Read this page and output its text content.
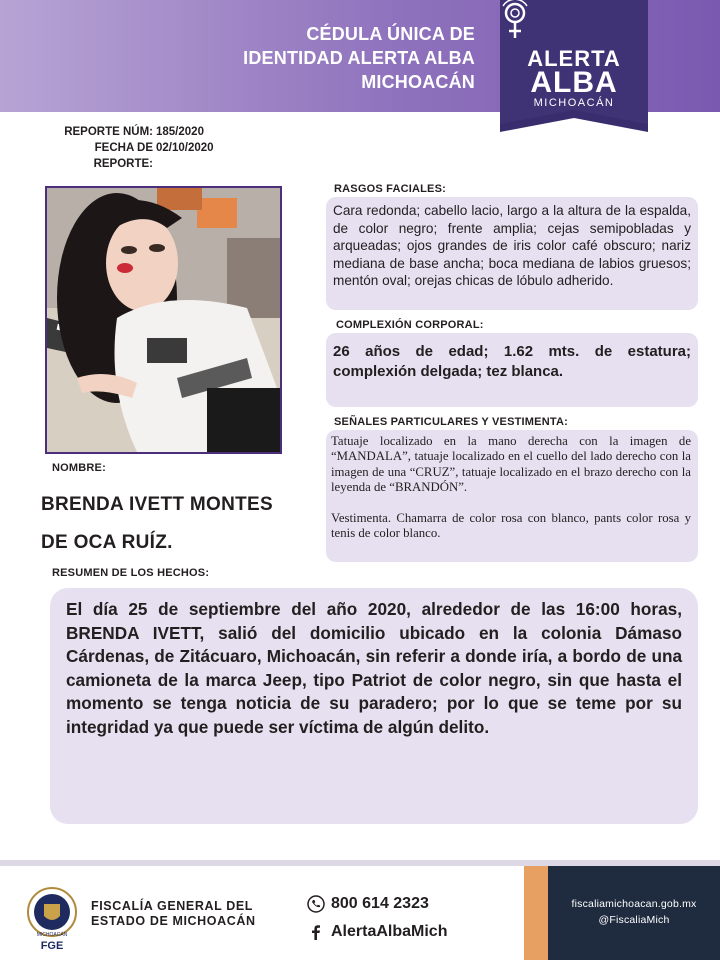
CÉDULA ÚNICA DE
IDENTIDAD ALERTA ALBA
MICHOACÁN
ALERTA
ALBA
MICHOACÁN
REPORTE NÚM: 185/2020
FECHA DE REPORTE:
02/10/2020
NOMBRE:
BRENDA IVETT MONTES
DE OCA RUÍZ.
RASGOS FACIALES:
Cara redonda; cabello lacio, largo a la altura de la espalda, de color negro; frente amplia; cejas semipobladas y arqueadas; ojos grandes de iris color café obscuro; nariz mediana de base ancha; boca mediana de labios gruesos; mentón oval; orejas chicas de lóbulo adherido.
COMPLEXIÓN CORPORAL:
26 años de edad; 1.62 mts. de estatura; complexión delgada; tez blanca.
SEÑALES PARTICULARES Y VESTIMENTA:

Tatuaje localizado en la mano derecha con la imagen de “MANDALA”, tatuaje localizado en el cuello del lado derecho con la imagen de una “CRUZ”, tatuaje localizado en el brazo derecho con la leyenda de “BRANDÓN”.

Vestimenta. Chamarra de color rosa con blanco, pants color rosa y tenis de color blanco.

RESUMEN DE LOS HECHOS:
El día 25 de septiembre del año 2020, alrededor de las 16:00 horas, BRENDA IVETT, salió del domicilio ubicado en la colonia Dámaso Cárdenas, de Zitácuaro, Michoacán, sin referir a donde iría, a bordo de una camioneta de la marca Jeep, tipo Patriot de color negro, sin que hasta el momento se tenga noticia de su paradero; por lo que se teme por su integridad ya que puede ser víctima de algún delito.
MICHOACÁN
FGE
FISCALÍA GENERAL DEL
ESTADO DE MICHOACÁN
800 614 2323
AlertaAlbaMich
fiscaliamichoacan.gob.mx
@FiscaliaMich
